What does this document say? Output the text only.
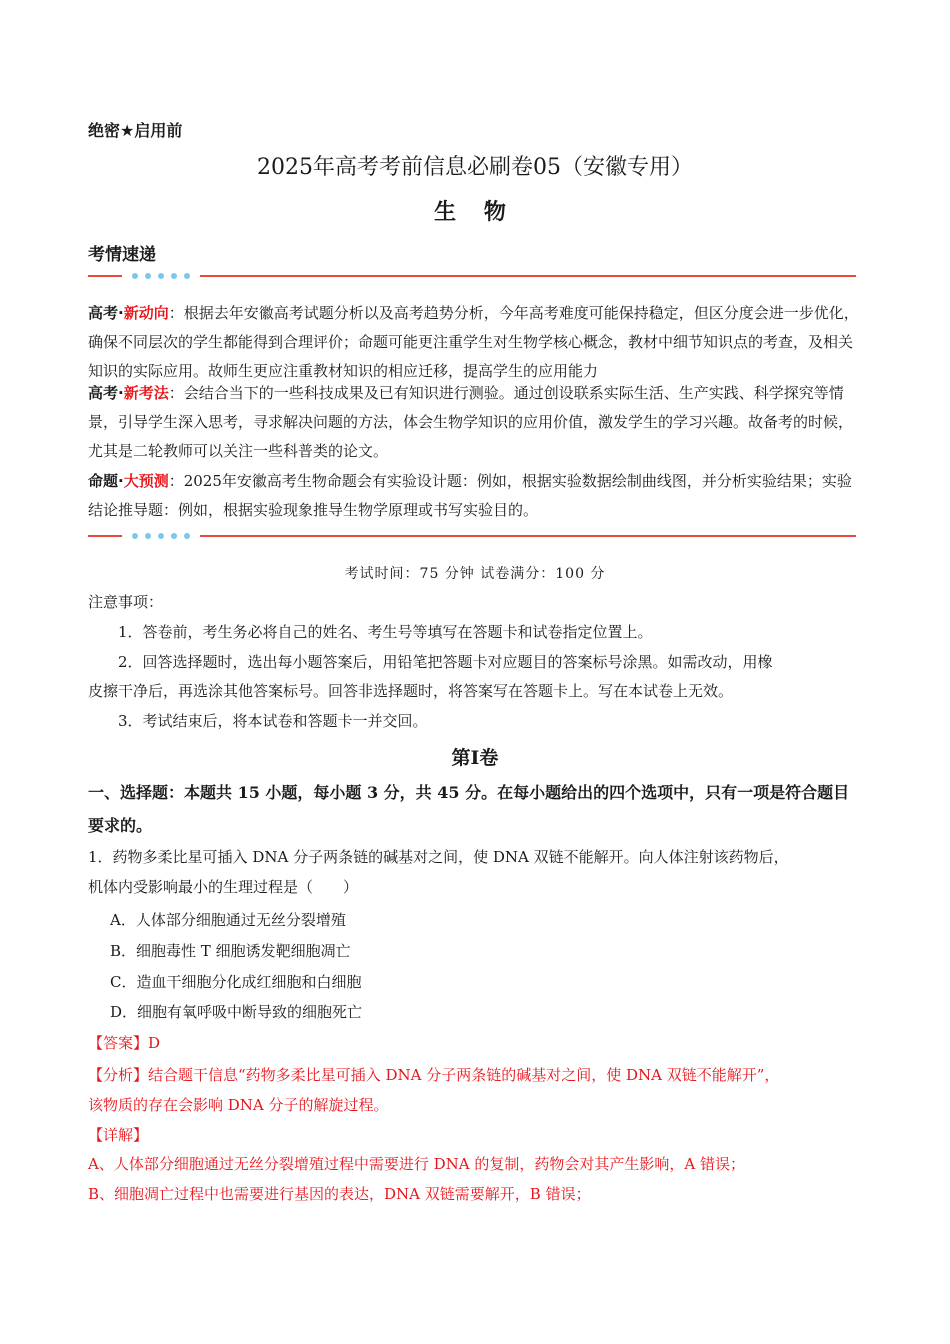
绝密★启用前
2025年高考考前信息必刷卷05（安徽专用）
生 物
考情速递
高考·新动向：根据去年安徽高考试题分析以及高考趋势分析，今年高考难度可能保持稳定，但区分度会进一步优化，确保不同层次的学生都能得到合理评价；命题可能更注重学生对生物学核心概念，教材中细节知识点的考查，及相关知识的实际应用。故师生更应注重教材知识的相应迁移，提高学生的应用能力
高考·新考法：会结合当下的一些科技成果及已有知识进行测验。通过创设联系实际生活、生产实践、科学探究等情景，引导学生深入思考，寻求解决问题的方法，体会生物学知识的应用价值，激发学生的学习兴趣。故备考的时候，尤其是二轮教师可以关注一些科普类的论文。
命题·大预测：2025年安徽高考生物命题会有实验设计题：例如，根据实验数据绘制曲线图，并分析实验结果；实验结论推导题：例如，根据实验现象推导生物学原理或书写实验目的。
考试时间：75 分钟 试卷满分：100 分
注意事项：
1．答卷前，考生务必将自己的姓名、考生号等填写在答题卡和试卷指定位置上。
2．回答选择题时，选出每小题答案后，用铅笔把答题卡对应题目的答案标号涂黑。如需改动，用橡
皮擦干净后，再选涂其他答案标号。回答非选择题时，将答案写在答题卡上。写在本试卷上无效。
3．考试结束后，将本试卷和答题卡一并交回。
第Ⅰ卷
一、选择题：本题共 15 小题，每小题 3 分，共 45 分。在每小题给出的四个选项中，只有一项是符合题目要求的。
1．药物多柔比星可插入 DNA 分子两条链的碱基对之间，使 DNA 双链不能解开。向人体注射该药物后，
机体内受影响最小的生理过程是（　　）
A．人体部分细胞通过无丝分裂增殖
B．细胞毒性 T 细胞诱发靶细胞凋亡
C．造血干细胞分化成红细胞和白细胞
D．细胞有氧呼吸中断导致的细胞死亡
【答案】D
【分析】结合题干信息“药物多柔比星可插入 DNA 分子两条链的碱基对之间，使 DNA 双链不能解开”，
该物质的存在会影响 DNA 分子的解旋过程。
【详解】
A、人体部分细胞通过无丝分裂增殖过程中需要进行 DNA 的复制，药物会对其产生影响，A 错误；
B、细胞凋亡过程中也需要进行基因的表达，DNA 双链需要解开，B 错误；
